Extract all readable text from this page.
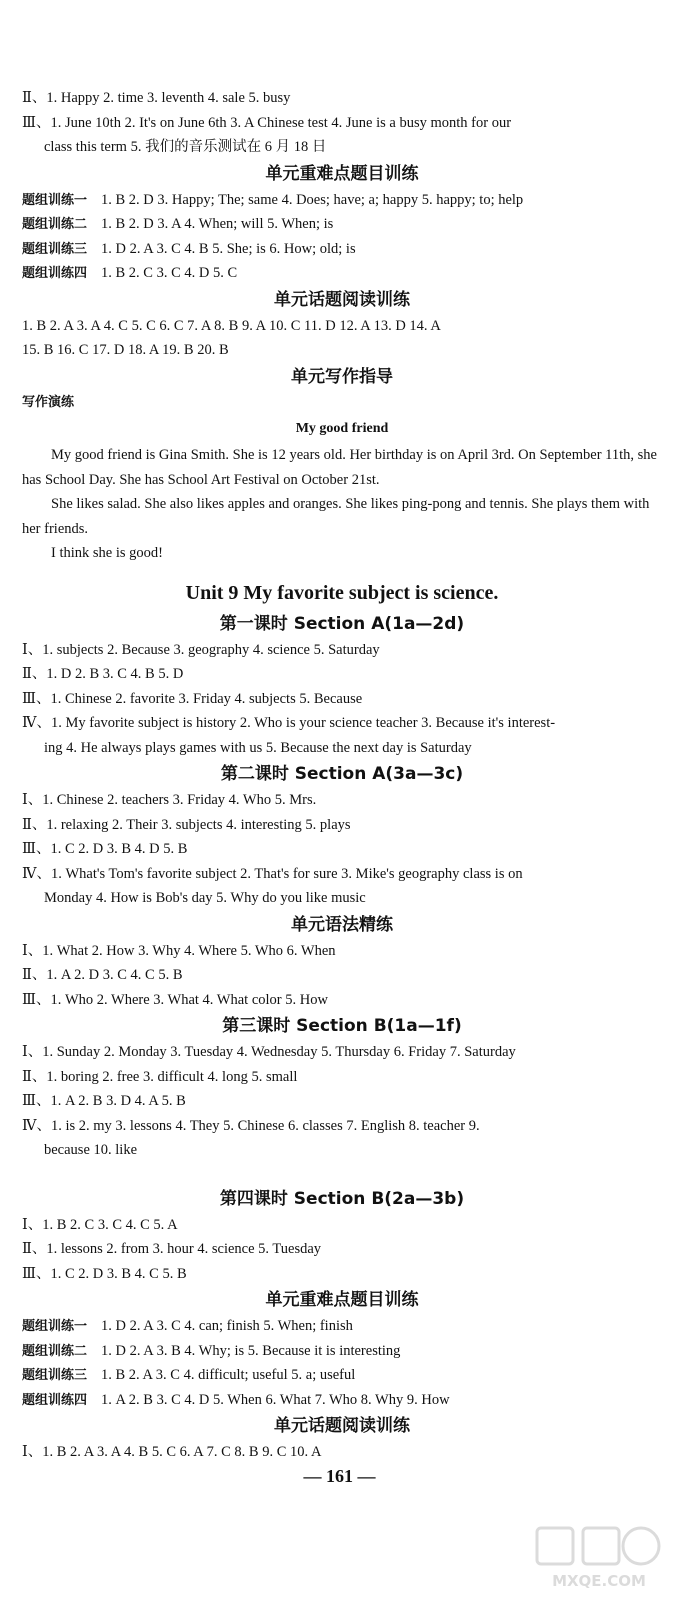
Ⅱ、1. Happy 2. time 3. leventh 4. sale 5. busy
Ⅲ、1. June 10th 2. It's on June 6th 3. A Chinese test 4. June is a busy month for our
class this term 5. 我们的音乐测试在 6 月 18 日
单元重难点题目训练
题组训练一 1. B 2. D 3. Happy; The; same 4. Does; have; a; happy 5. happy; to; help
题组训练二 1. B 2. D 3. A 4. When; will 5. When; is
题组训练三 1. D 2. A 3. C 4. B 5. She; is 6. How; old; is
题组训练四 1. B 2. C 3. C 4. D 5. C
单元话题阅读训练
1. B 2. A 3. A 4. C 5. C 6. C 7. A 8. B 9. A 10. C 11. D 12. A 13. D 14. A
15. B 16. C 17. D 18. A 19. B 20. B
单元写作指导
写作演练
My good friend
My good friend is Gina Smith. She is 12 years old. Her birthday is on April 3rd. On September 11th, she has School Day. She has School Art Festival on October 21st.
She likes salad. She also likes apples and oranges. She likes ping-pong and tennis. She plays them with her friends.
I think she is good!
Unit 9 My favorite subject is science.
第一课时 Section A(1a—2d)
Ⅰ、1. subjects 2. Because 3. geography 4. science 5. Saturday
Ⅱ、1. D 2. B 3. C 4. B 5. D
Ⅲ、1. Chinese 2. favorite 3. Friday 4. subjects 5. Because
Ⅳ、1. My favorite subject is history 2. Who is your science teacher 3. Because it's interest-
ing 4. He always plays games with us 5. Because the next day is Saturday
第二课时 Section A(3a—3c)
Ⅰ、1. Chinese 2. teachers 3. Friday 4. Who 5. Mrs.
Ⅱ、1. relaxing 2. Their 3. subjects 4. interesting 5. plays
Ⅲ、1. C 2. D 3. B 4. D 5. B
Ⅳ、1. What's Tom's favorite subject 2. That's for sure 3. Mike's geography class is on
Monday 4. How is Bob's day 5. Why do you like music
单元语法精练
Ⅰ、1. What 2. How 3. Why 4. Where 5. Who 6. When
Ⅱ、1. A 2. D 3. C 4. C 5. B
Ⅲ、1. Who 2. Where 3. What 4. What color 5. How
第三课时 Section B(1a—1f)
Ⅰ、1. Sunday 2. Monday 3. Tuesday 4. Wednesday 5. Thursday 6. Friday 7. Saturday
Ⅱ、1. boring 2. free 3. difficult 4. long 5. small
Ⅲ、1. A 2. B 3. D 4. A 5. B
Ⅳ、1. is 2. my 3. lessons 4. They 5. Chinese 6. classes 7. English 8. teacher 9.
because 10. like
第四课时 Section B(2a—3b)
Ⅰ、1. B 2. C 3. C 4. C 5. A
Ⅱ、1. lessons 2. from 3. hour 4. science 5. Tuesday
Ⅲ、1. C 2. D 3. B 4. C 5. B
单元重难点题目训练
题组训练一 1. D 2. A 3. C 4. can; finish 5. When; finish
题组训练二 1. D 2. A 3. B 4. Why; is 5. Because it is interesting
题组训练三 1. B 2. A 3. C 4. difficult; useful 5. a; useful
题组训练四 1. A 2. B 3. C 4. D 5. When 6. What 7. Who 8. Why 9. How
单元话题阅读训练
Ⅰ、1. B 2. A 3. A 4. B 5. C 6. A 7. C 8. B 9. C 10. A
— 161 —
MXQE.COM
